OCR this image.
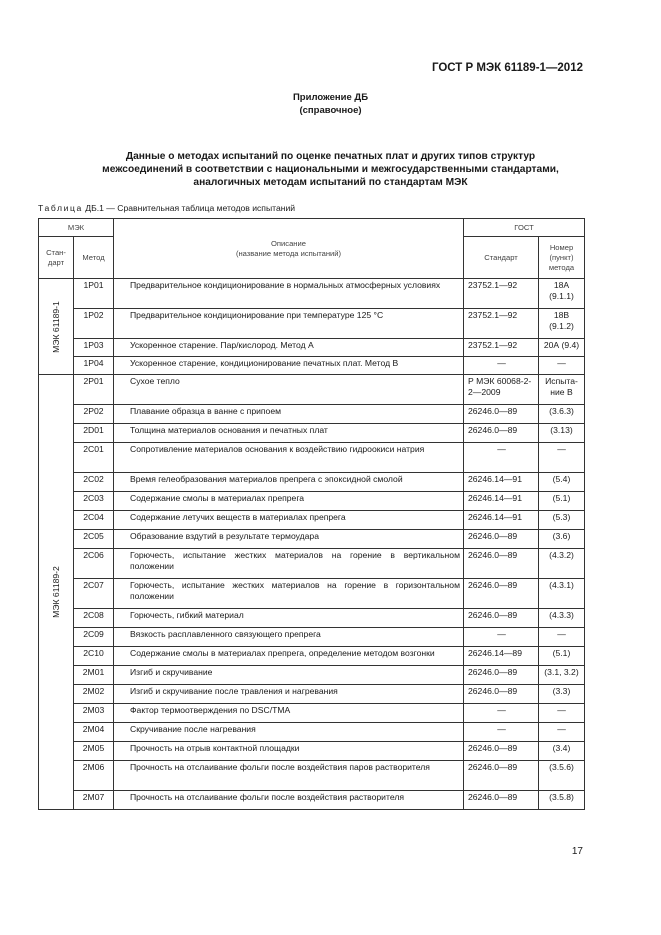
ГОСТ Р МЭК 61189-1—2012
Приложение ДБ
(справочное)
Данные о методах испытаний по оценке печатных плат и других типов структур
межсоединений в соответствии с национальными и межгосударственными стандартами,
аналогичных методам испытаний по стандартам МЭК
Таблица ДБ.1 — Сравнительная таблица методов испытаний
МЭК		Описание
(название метода испытаний)	ГОСТ	
Стан-дарт	Метод		Стандарт	Номер (пункт) метода

МЭК 61189-1	1P01	Предварительное кондиционирование в нормальных атмосферных условиях	23752.1—92	18А (9.1.1)
	1P02	Предварительное кондиционирование при температуре 125 °С	23752.1—92	18В (9.1.2)
	1P03	Ускоренное старение. Пар/кислород. Метод А	23752.1—92	20А (9.4)
	1P04	Ускоренное старение, кондиционирование печатных плат. Метод В	—	—

МЭК 61189-2	2P01	Сухое тепло	Р МЭК 60068-2-2—2009	Испыта-ние В
	2P02	Плавание образца в ванне с припоем	26246.0—89	(3.6.3)
	2D01	Толщина материалов основания и печатных плат	26246.0—89	(3.13)
	2C01	Сопротивление материалов основания к воздействию гидроокиси натрия	—	—
	2C02	Время гелеобразования материалов препрега с эпоксидной смолой	26246.14—91	(5.4)
	2C03	Содержание смолы в материалах препрега	26246.14—91	(5.1)
	2C04	Содержание летучих веществ в материалах препрега	26246.14—91	(5.3)
	2C05	Образование вздутий в результате термоудара	26246.0—89	(3.6)
	2C06	Горючесть, испытание жестких материалов на горение в вертикальном положении	26246.0—89	(4.3.2)
	2C07	Горючесть, испытание жестких материалов на горение в горизонтальном положении	26246.0—89	(4.3.1)
	2C08	Горючесть, гибкий материал	26246.0—89	(4.3.3)
	2C09	Вязкость расплавленного связующего препрега	—	—
	2C10	Содержание смолы в материалах препрега, определение методом возгонки	26246.14—89	(5.1)
	2M01	Изгиб и скручивание	26246.0—89	(3.1, 3.2)
	2M02	Изгиб и скручивание после травления и нагревания	26246.0—89	(3.3)
	2M03	Фактор термоотверждения по DSC/TMA	—	—
	2M04	Скручивание после нагревания	—	—
	2M05	Прочность на отрыв контактной площадки	26246.0—89	(3.4)
	2M06	Прочность на отслаивание фольги после воздействия паров растворителя	26246.0—89	(3.5.6)
	2M07	Прочность на отслаивание фольги после воздействия растворителя	26246.0—89	(3.5.8)
17
